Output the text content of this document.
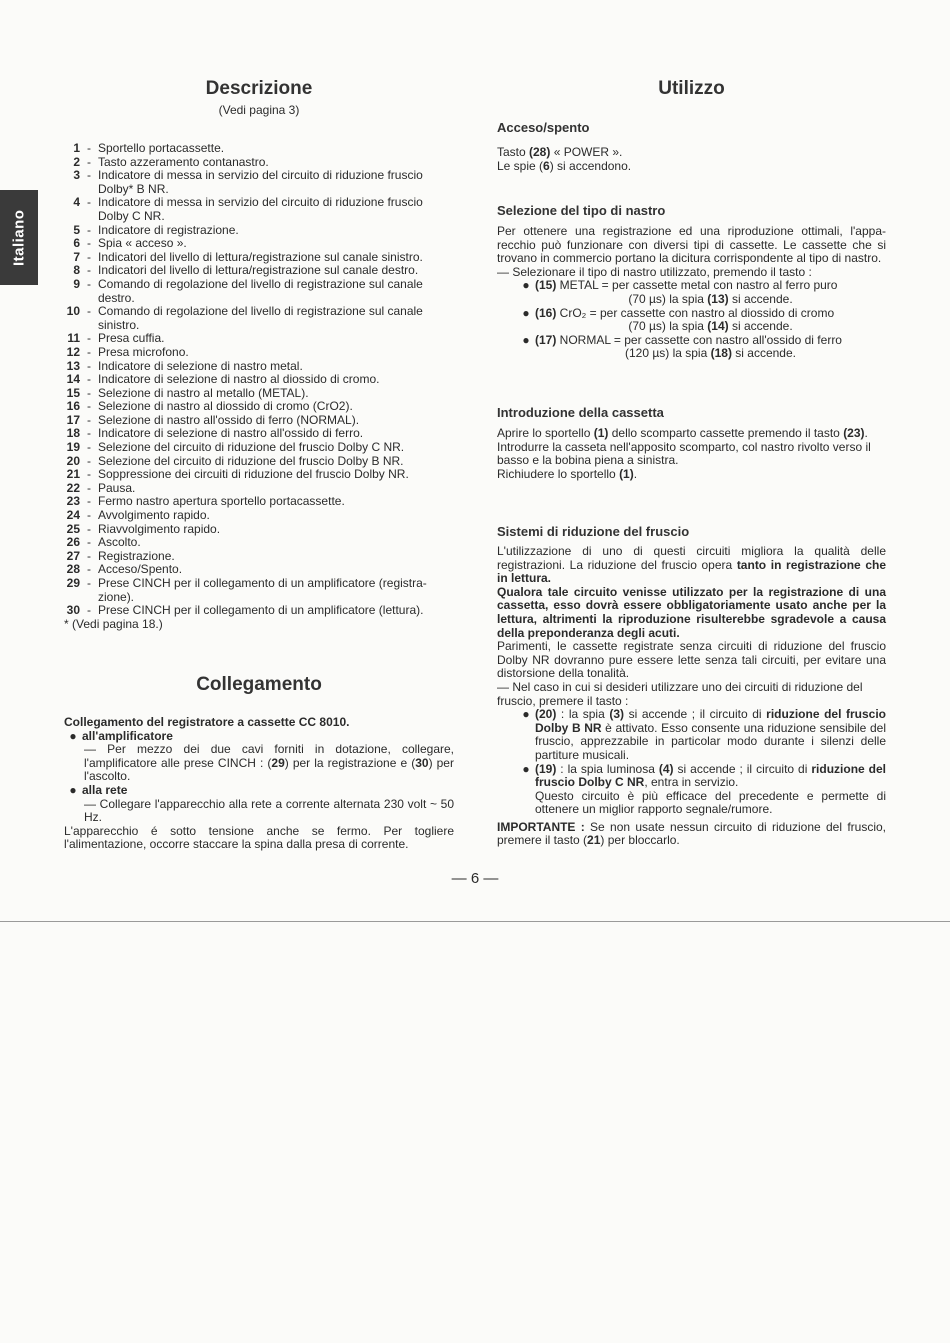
Italiano
Descrizione
(Vedi pagina 3)
1 - Sportello portacassette.
2 - Tasto azzeramento contanastro.
3 - Indicatore di messa in servizio del circuito di riduzione fruscio Dolby* B NR.
4 - Indicatore di messa in servizio del circuito di riduzione fruscio Dolby C NR.
5 - Indicatore di registrazione.
6 - Spia « acceso ».
7 - Indicatori del livello di lettura/registrazione sul canale sinistro.
8 - Indicatori del livello di lettura/registrazione sul canale destro.
9 - Comando di regolazione del livello di registrazione sul canale destro.
10 - Comando di regolazione del livello di registrazione sul canale sinistro.
11 - Presa cuffia.
12 - Presa microfono.
13 - Indicatore di selezione di nastro metal.
14 - Indicatore di selezione di nastro al diossido di cromo.
15 - Selezione di nastro al metallo (METAL).
16 - Selezione di nastro al diossido di cromo (CrO2).
17 - Selezione di nastro all'ossido di ferro (NORMAL).
18 - Indicatore di selezione di nastro all'ossido di ferro.
19 - Selezione del circuito di riduzione del fruscio Dolby C NR.
20 - Selezione del circuito di riduzione del fruscio Dolby B NR.
21 - Soppressione dei circuiti di riduzione del fruscio Dolby NR.
22 - Pausa.
23 - Fermo nastro apertura sportello portacassette.
24 - Avvolgimento rapido.
25 - Riavvolgimento rapido.
26 - Ascolto.
27 - Registrazione.
28 - Acceso/Spento.
29 - Prese CINCH per il collegamento di un amplificatore (registra-zione).
30 - Prese CINCH per il collegamento di un amplificatore (lettura).
* (Vedi pagina 18.)
Collegamento

Collegamento del registratore a cassette CC 8010.

● all'amplificatore

— Per mezzo dei due cavi forniti in dotazione, collegare, l'amplificatore alle prese CINCH : (29) per la registrazione e (30) per l'ascolto.

● alla rete

— Collegare l'apparecchio alla rete a corrente alternata 230 volt ~ 50 Hz.

L'apparecchio é sotto tensione anche se fermo. Per togliere l'alimentazione, occorre staccare la spina dalla presa di corrente.

Utilizzo
Acceso/spento

Tasto (28) « POWER ».

Le spie (6) si accendono.

Selezione del tipo di nastro

Per ottenere una registrazione ed una riproduzione ottimali, l'appa-recchio può funzionare con diversi tipi di cassette. Le cassette che si trovano in commercio portano la dicitura corrispondente al tipo di nastro.

— Selezionare il tipo di nastro utilizzato, premendo il tasto :

● (15) METAL = per cassette metal con nastro al ferro puro
(70 µs) la spia (13) si accende.
● (16) CrO₂ = per cassette con nastro al diossido di cromo
(70 µs) la spia (14) si accende.
● (17) NORMAL = per cassette con nastro all'ossido di ferro
(120 µs) la spia (18) si accende.
Introduzione della cassetta

Aprire lo sportello (1) dello scomparto cassette premendo il tasto (23).

Introdurre la casseta nell'apposito scomparto, col nastro rivolto verso il basso e la bobina piena a sinistra.

Richiudere lo sportello (1).

Sistemi di riduzione del fruscio

L'utilizzazione di uno di questi circuiti migliora la qualità delle registrazioni. La riduzione del fruscio opera tanto in registrazione che in lettura.

Qualora tale circuito venisse utilizzato per la registrazione di una cassetta, esso dovrà essere obbligatoriamente usato anche per la lettura, altrimenti la riproduzione risulterebbe sgradevole a causa della preponderanza degli acuti.

Parimenti, le cassette registrate senza circuiti di riduzione del fruscio Dolby NR dovranno pure essere lette senza tali circuiti, per evitare una distorsione della tonalità.

— Nel caso in cui si desideri utilizzare uno dei circuiti di riduzione del fruscio, premere il tasto :

● (20) : la spia (3) si accende ; il circuito di riduzione del fruscio Dolby B NR è attivato. Esso consente una riduzione sensibile del fruscio, apprezzabile in particolar modo durante i silenzi delle partiture musicali.
● (19) : la spia luminosa (4) si accende ; il circuito di riduzione del fruscio Dolby C NR, entra in servizio.
Questo circuito è più efficace del precedente e permette di ottenere un miglior rapporto segnale/rumore.

IMPORTANTE : Se non usate nessun circuito di riduzione del fruscio, premere il tasto (21) per bloccarlo.

— 6 —
